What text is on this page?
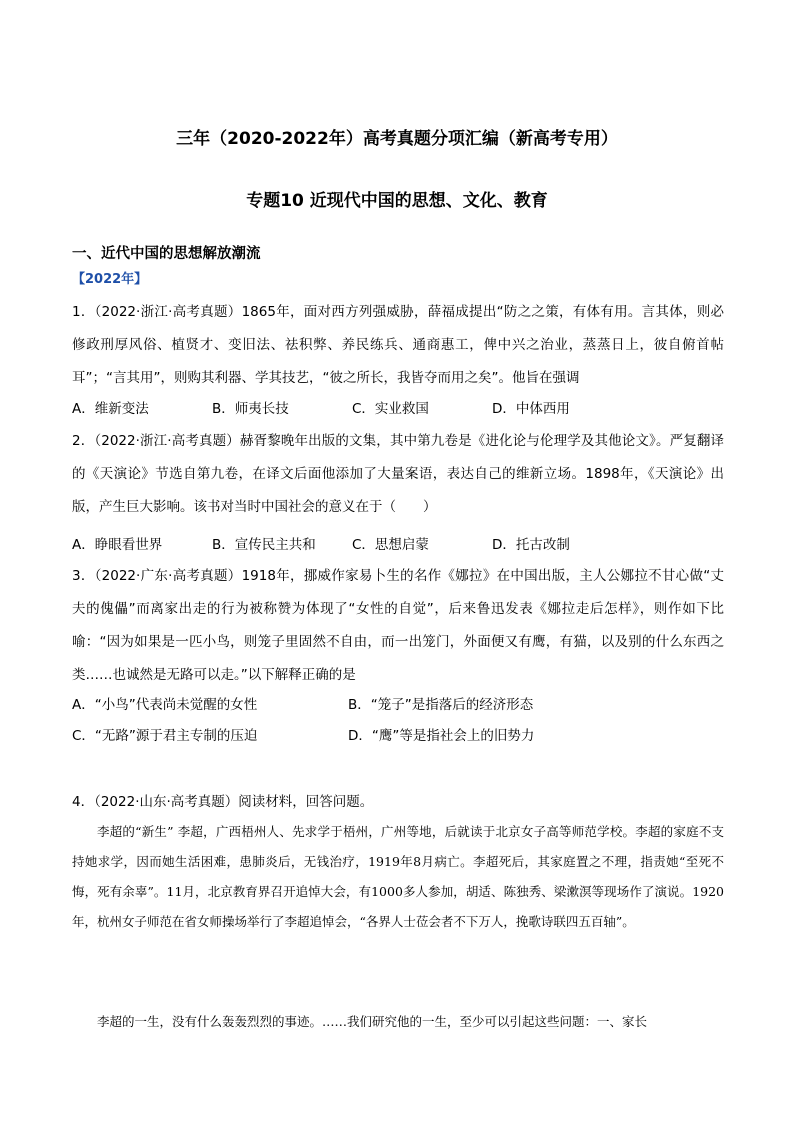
三年（2020-2022年）高考真题分项汇编（新高考专用）
专题10 近现代中国的思想、文化、教育
一、近代中国的思想解放潮流
【2022年】
1．（2022·浙江·高考真题）1865年，面对西方列强威胁，薛福成提出“防之之策，有体有用。言其体，则必修政刑厚风俗、植贤才、变旧法、祛积弊、养民练兵、通商惠工，俾中兴之治业，蒸蒸日上，彼自俯首帖耳”；“言其用”，则购其利器、学其技艺，“彼之所长，我皆夺而用之矣”。他旨在强调
A．维新变法	B．师夷长技	C．实业救国	D．中体西用
2．（2022·浙江·高考真题）赫胥黎晚年出版的文集，其中第九卷是《进化论与伦理学及其他论文》。严复翻译的《天演论》节选自第九卷，在译文后面他添加了大量案语，表达自己的维新立场。1898年，《天演论》出版，产生巨大影响。该书对当时中国社会的意义在于（　　）
A．睁眼看世界	B．宣传民主共和	C．思想启蒙	D．托古改制
3．（2022·广东·高考真题）1918年，挪威作家易卜生的名作《娜拉》在中国出版，主人公娜拉不甘心做“丈夫的傀儡”而离家出走的行为被称赞为体现了“女性的自觉”，后来鲁迅发表《娜拉走后怎样》，则作如下比喻：“因为如果是一匹小鸟，则笼子里固然不自由，而一出笼门，外面便又有鹰，有猫，以及别的什么东西之类……也诚然是无路可以走。”以下解释正确的是
A．“小鸟”代表尚未觉醒的女性	B．“笼子”是指落后的经济形态
C．“无路”源于君主专制的压迫	D．“鹰”等是指社会上的旧势力
4．（2022·山东·高考真题）阅读材料，回答问题。
李超的“新生” 李超，广西梧州人、先求学于梧州，广州等地，后就读于北京女子高等师范学校。李超的家庭不支持她求学，因而她生活困难，患肺炎后，无钱治疗，1919年8月病亡。李超死后，其家庭置之不理，指责她“至死不悔，死有余辜”。11月，北京教育界召开追悼大会，有1000多人参加，胡适、陈独秀、梁漱溟等现场作了演说。1920年，杭州女子师范在省女师操场举行了李超追悼会，“各界人士莅会者不下万人，挽歌诗联四五百轴”。
李超的一生，没有什么轰轰烈烈的事迹。……我们研究他的一生，至少可以引起这些问题：一、家长
